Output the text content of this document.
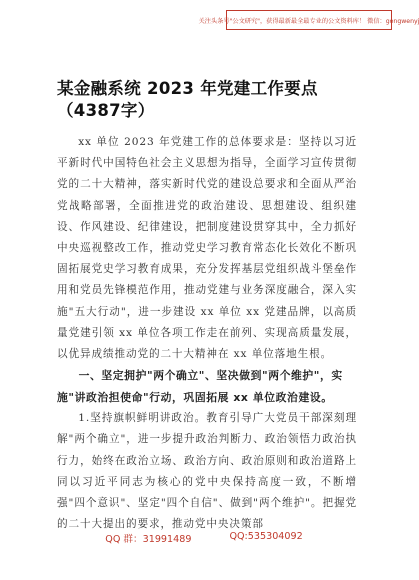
关注头条号"公文研究"，获得最新最全最专业的公文资料库！ 微信：gongwenyj
某金融系统 2023 年党建工作要点（4387字）

xx 单位 2023 年党建工作的总体要求是：坚持以习近平新时代中国特色社会主义思想为指导，全面学习宣传贯彻党的二十大精神，落实新时代党的建设总要求和全面从严治党战略部署，全面推进党的政治建设、思想建设、组织建设、作风建设、纪律建设，把制度建设贯穿其中，全力抓好中央巡视整改工作，推动党史学习教育常态化长效化不断巩固拓展党史学习教育成果，充分发挥基层党组织战斗堡垒作用和党员先锋模范作用，推动党建与业务深度融合，深入实施"五大行动"，进一步建设 xx 单位 xx 党建品牌，以高质量党建引领 xx 单位各项工作走在前列、实现高质量发展，以优异成绩推动党的二十大精神在 xx 单位落地生根。

一、坚定拥护"两个确立"、坚决做到"两个维护"，实施"讲政治担使命"行动，巩固拓展 xx 单位政治建设。

1.坚持旗帜鲜明讲政治。教育引导广大党员干部深刻理解"两个确立"，进一步提升政治判断力、政治领悟力政治执行力，始终在政治立场、政治方向、政治原则和政治道路上同以习近平同志为核心的党中央保持高度一致，不断增强"四个意识"、坚定"四个自信"、做到"两个维护"。把握党的二十大提出的要求，推动党中央决策部

QQ 群：31991489	QQ:535304092
